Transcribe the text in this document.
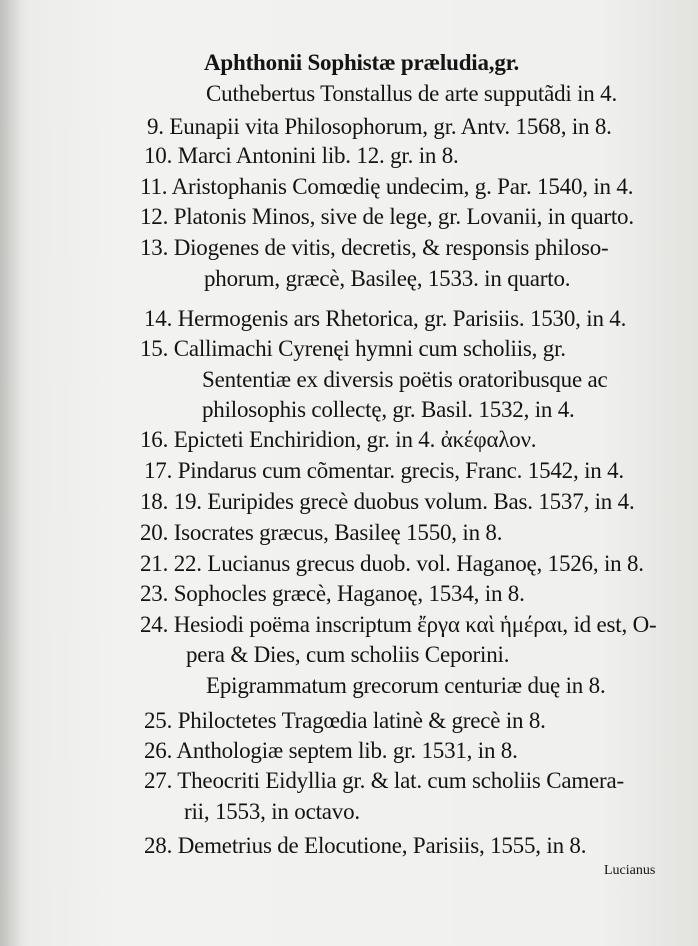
Aphthonii Sophistæ præludia,gr.
Cuthebertus Tonstallus de arte supputãdi in 4.
9. Eunapii vita Philosophorum, gr. Antv. 1568, in 8.
10. Marci Antonini lib. 12. gr. in 8.
11. Aristophanis Comœdię undecim, g. Par. 1540, in 4.
12. Platonis Minos, sive de lege, gr. Lovanii, in quarto.
13. Diogenes de vitis, decretis, & responsis philoso-
phorum, græcè, Basileę, 1533. in quarto.
14. Hermogenis ars Rhetorica, gr. Parisiis. 1530, in 4.
15. Callimachi Cyrenęi hymni cum scholiis, gr.
Sententiæ ex diversis poëtis oratoribusque ac
philosophis collectę, gr. Basil. 1532, in 4.
16. Epicteti Enchiridion, gr. in 4. ἀκέφαλον.
17. Pindarus cum cõmentar. grecis, Franc. 1542, in 4.
18. 19. Euripides grecè duobus volum. Bas. 1537, in 4.
20. Isocrates græcus, Basileę 1550, in 8.
21. 22. Lucianus grecus duob. vol. Haganoę, 1526, in 8.
23. Sophocles græcè, Haganoę, 1534, in 8.
24. Hesiodi poëma inscriptum ἔργα καὶ ἡμέραι, id est, O-
pera & Dies, cum scholiis Ceporini.
Epigrammatum grecorum centuriæ duę in 8.
25. Philoctetes Tragœdia latinè & grecè in 8.
26. Anthologiæ septem lib. gr. 1531, in 8.
27. Theocriti Eidyllia gr. & lat. cum scholiis Camera-
rii, 1553, in octavo.
28. Demetrius de Elocutione, Parisiis, 1555, in 8.
Lucianus
